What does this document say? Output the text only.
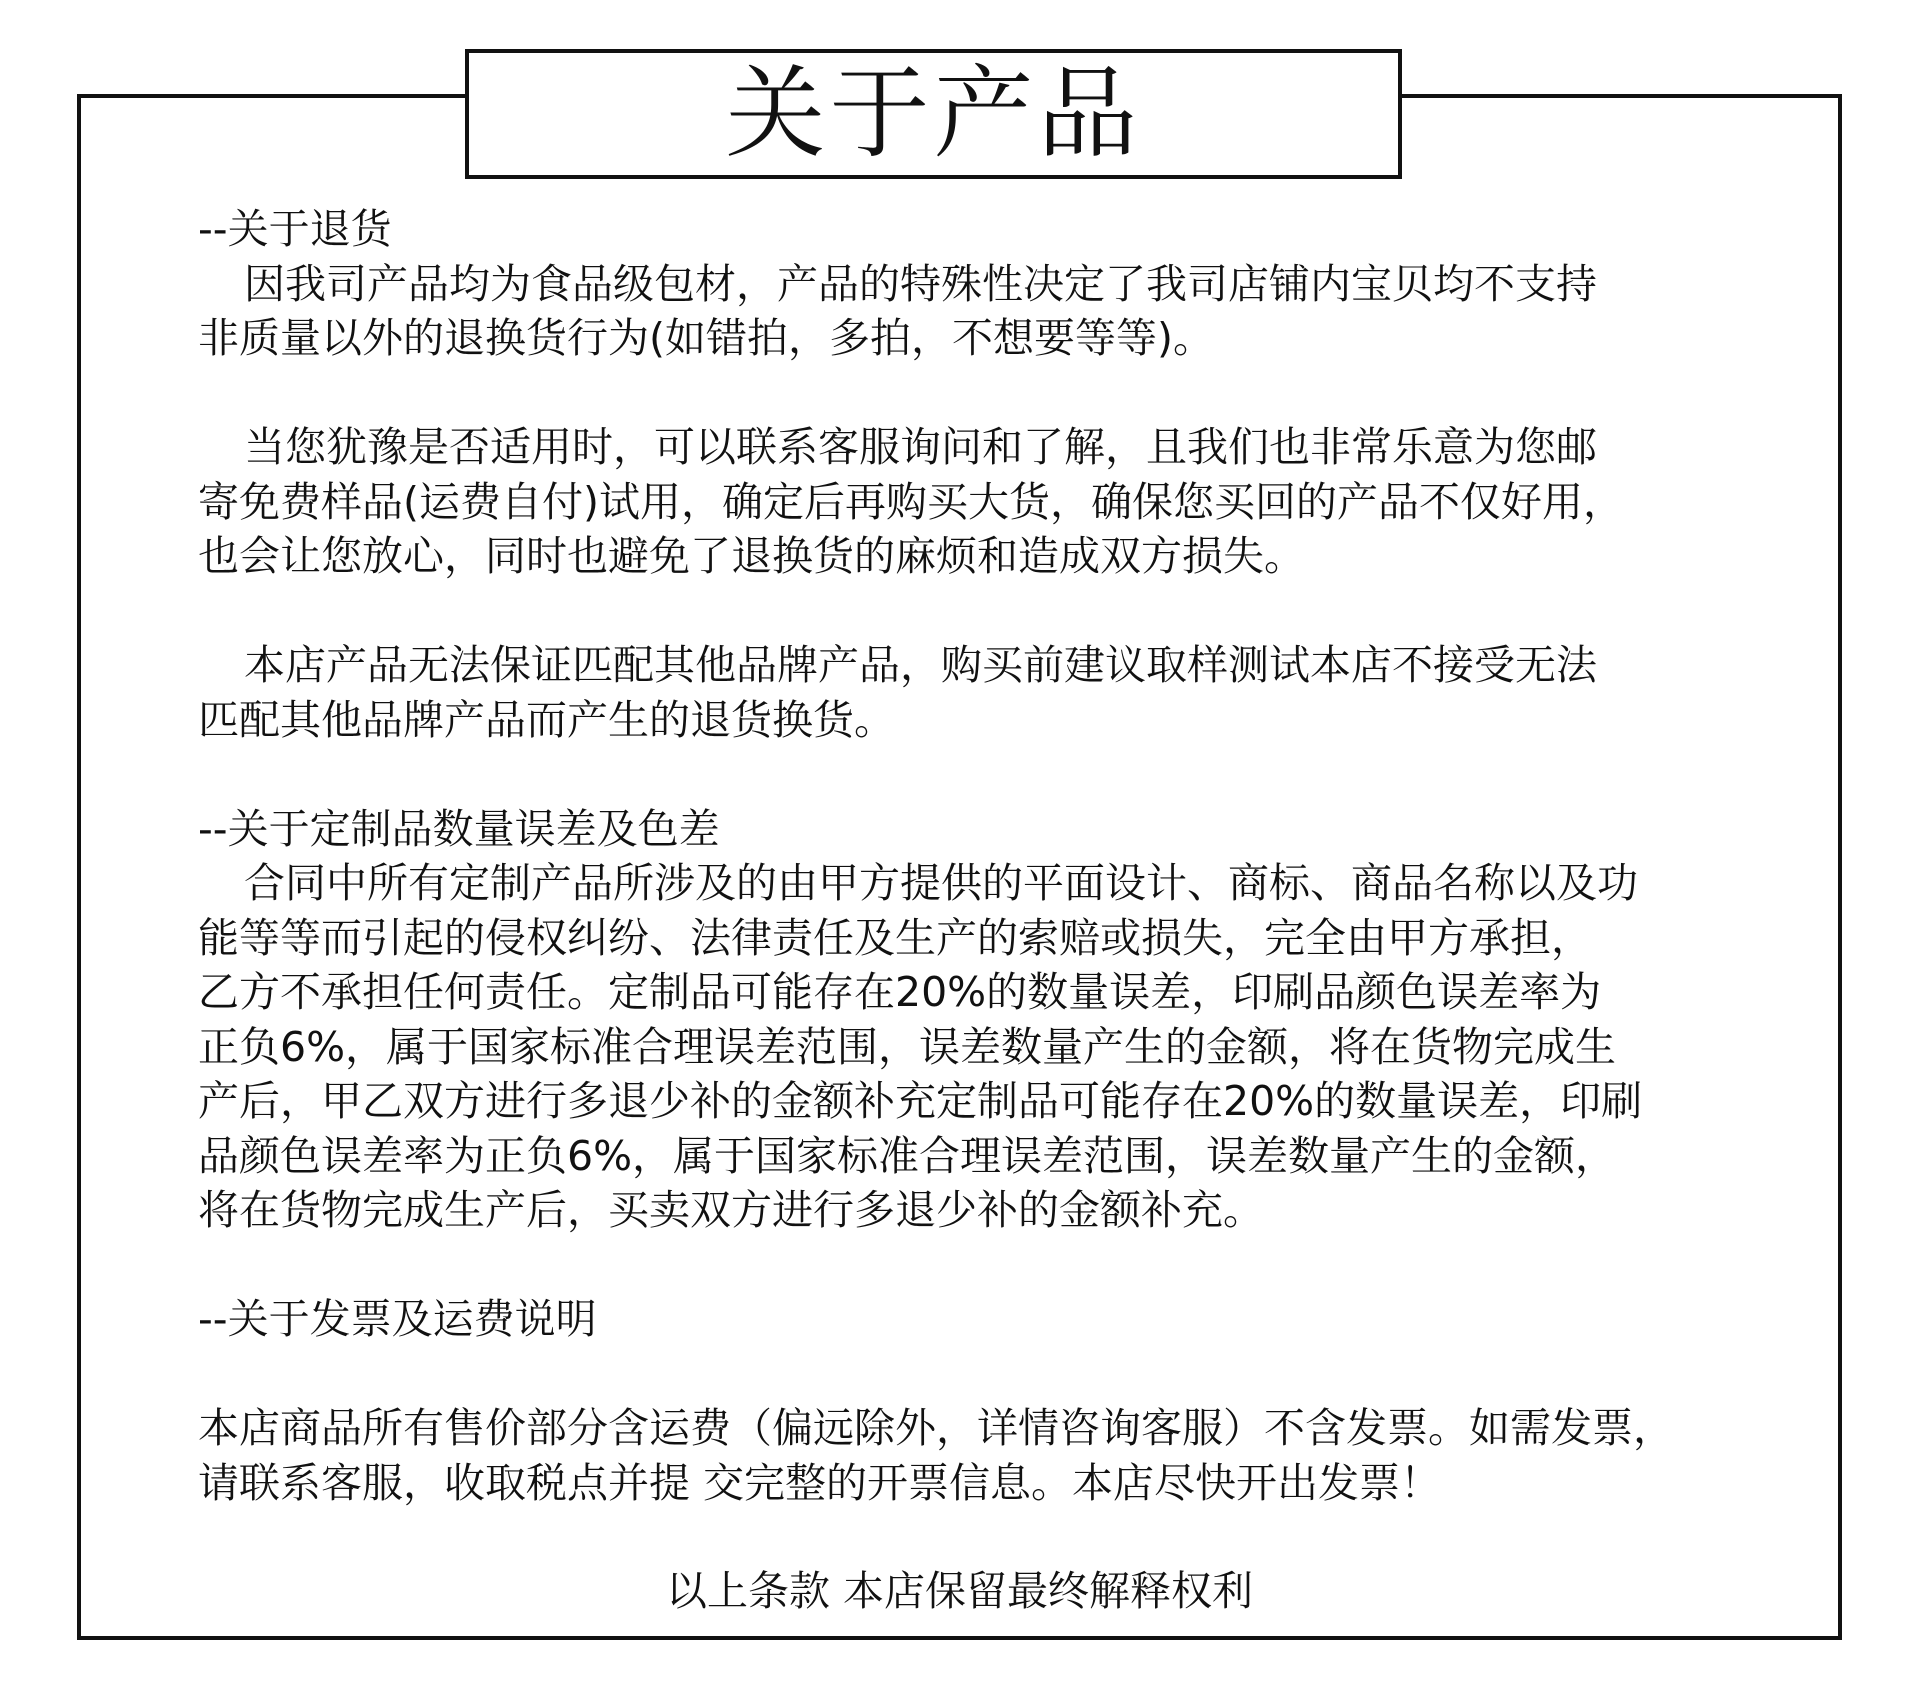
关于产品
--关于退货
因我司产品均为食品级包材，产品的特殊性决定了我司店铺内宝贝均不支持
非质量以外的退换货行为(如错拍，多拍，不想要等等)。
当您犹豫是否适用时，可以联系客服询问和了解，且我们也非常乐意为您邮
寄免费样品(运费自付)试用，确定后再购买大货，确保您买回的产品不仅好用，
也会让您放心，同时也避免了退换货的麻烦和造成双方损失。
本店产品无法保证匹配其他品牌产品，购买前建议取样测试本店不接受无法
匹配其他品牌产品而产生的退货换货。
--关于定制品数量误差及色差
合同中所有定制产品所涉及的由甲方提供的平面设计、商标、商品名称以及功
能等等而引起的侵权纠纷、法律责任及生产的索赔或损失，完全由甲方承担，
乙方不承担任何责任。定制品可能存在20%的数量误差，印刷品颜色误差率为
正负6%，属于国家标准合理误差范围，误差数量产生的金额，将在货物完成生
产后，甲乙双方进行多退少补的金额补充定制品可能存在20%的数量误差，印刷
品颜色误差率为正负6%，属于国家标准合理误差范围，误差数量产生的金额，
将在货物完成生产后，买卖双方进行多退少补的金额补充。
--关于发票及运费说明
本店商品所有售价部分含运费（偏远除外，详情咨询客服）不含发票。如需发票，
请联系客服，收取税点并提 交完整的开票信息。本店尽快开出发票！
以上条款 本店保留最终解释权利
